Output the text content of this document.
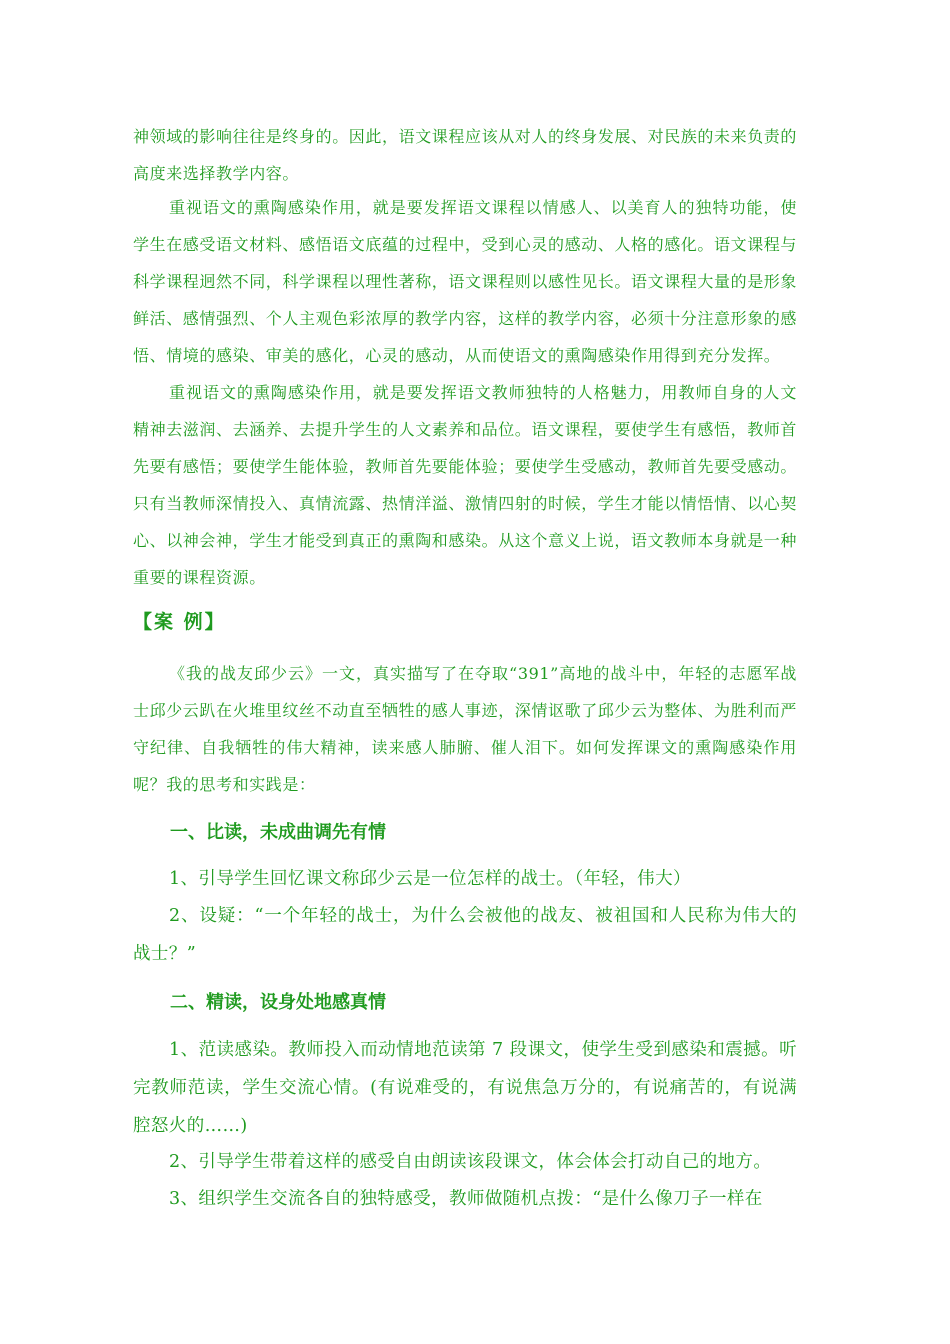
神领域的影响往往是终身的。因此，语文课程应该从对人的终身发展、对民族的未来负责的高度来选择教学内容。

重视语文的熏陶感染作用，就是要发挥语文课程以情感人、以美育人的独特功能，使学生在感受语文材料、感悟语文底蕴的过程中，受到心灵的感动、人格的感化。语文课程与科学课程迥然不同，科学课程以理性著称，语文课程则以感性见长。语文课程大量的是形象鲜活、感情强烈、个人主观色彩浓厚的教学内容，这样的教学内容，必须十分注意形象的感悟、情境的感染、审美的感化，心灵的感动，从而使语文的熏陶感染作用得到充分发挥。

重视语文的熏陶感染作用，就是要发挥语文教师独特的人格魅力，用教师自身的人文精神去滋润、去涵养、去提升学生的人文素养和品位。语文课程，要使学生有感悟，教师首先要有感悟；要使学生能体验，教师首先要能体验；要使学生受感动，教师首先要受感动。只有当教师深情投入、真情流露、热情洋溢、激情四射的时候，学生才能以情悟情、以心契心、以神会神，学生才能受到真正的熏陶和感染。从这个意义上说，语文教师本身就是一种重要的课程资源。

【案 例】

《我的战友邱少云》一文，真实描写了在夺取“391”高地的战斗中，年轻的志愿军战士邱少云趴在火堆里纹丝不动直至牺牲的感人事迹，深情讴歌了邱少云为整体、为胜利而严守纪律、自我牺牲的伟大精神，读来感人肺腑、催人泪下。如何发挥课文的熏陶感染作用呢？我的思考和实践是：

一、比读，未成曲调先有情

1、引导学生回忆课文称邱少云是一位怎样的战士。（年轻，伟大）

2、设疑：“一个年轻的战士，为什么会被他的战友、被祖国和人民称为伟大的战士？”

二、精读，设身处地感真情

1、范读感染。教师投入而动情地范读第 7 段课文，使学生受到感染和震撼。听完教师范读，学生交流心情。(有说难受的，有说焦急万分的，有说痛苦的，有说满腔怒火的……)

2、引导学生带着这样的感受自由朗读该段课文，体会体会打动自己的地方。

3、组织学生交流各自的独特感受，教师做随机点拨：“是什么像刀子一样在
